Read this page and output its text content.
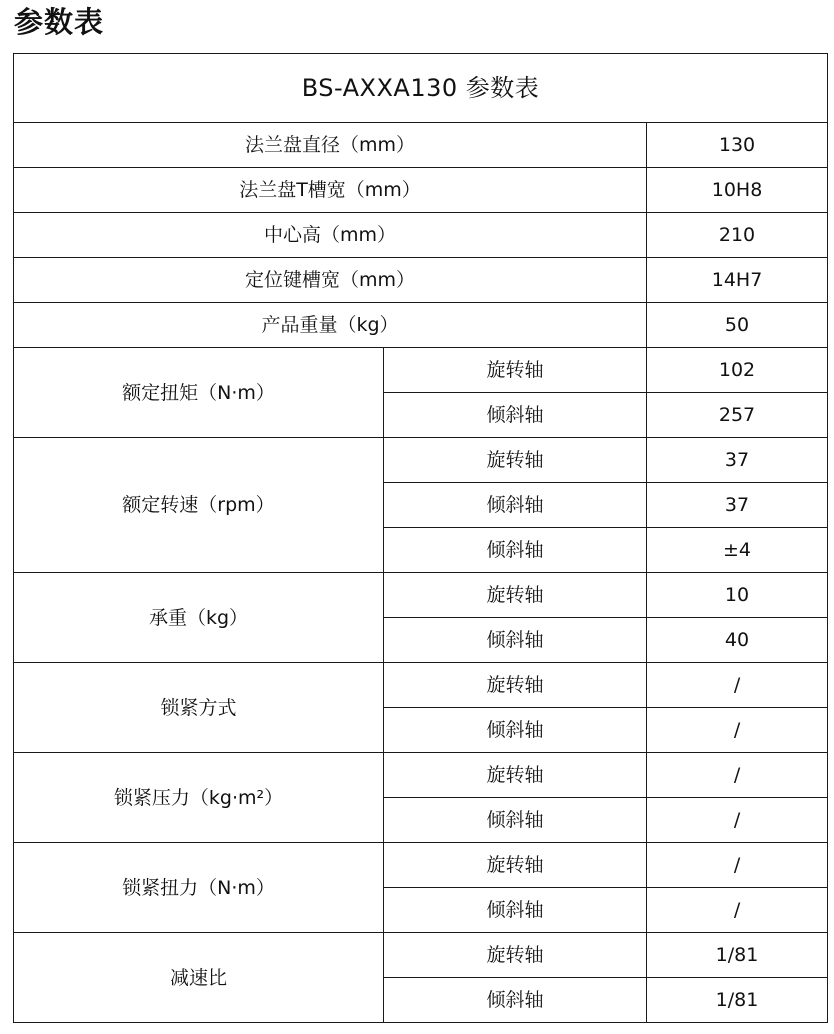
参数表
BS-AXXA130 参数表		
法兰盘直径（mm）		130
法兰盘T槽宽（mm）		10H8
中心高（mm）		210
定位键槽宽（mm）		14H7
产品重量（kg）		50
额定扭矩（N·m）	旋转轴	102
	倾斜轴	257
额定转速（rpm）	旋转轴	37
	倾斜轴	37
	倾斜轴	±4
承重（kg）	旋转轴	10
	倾斜轴	40
锁紧方式	旋转轴	/
	倾斜轴	/
锁紧压力（kg·m²）	旋转轴	/
	倾斜轴	/
锁紧扭力（N·m）	旋转轴	/
	倾斜轴	/
减速比	旋转轴	1/81
	倾斜轴	1/81
